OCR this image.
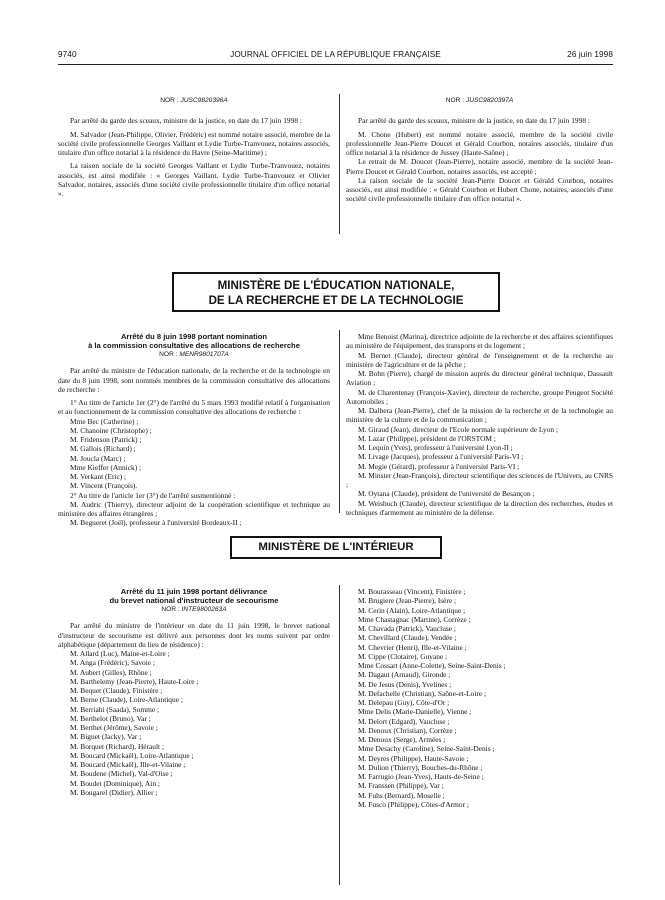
9740	JOURNAL OFFICIEL DE LA RÉPUBLIQUE FRANÇAISE	26 juin 1998

NOR : JUSC9820396A

Par arrêté du garde des sceaux, ministre de la justice, en date du 17 juin 1998 :

M. Salvador (Jean-Philippe, Olivier, Frédéric) est nommé notaire associé, membre de la société civile professionnelle Georges Vaillant et Lydie Turbe-Tranvouez, notaires associés, titulaire d'un office notarial à la résidence du Havre (Seine-Maritime) ;

La raison sociale de la société Georges Vaillant et Lydie Turbe-Tranvouez, notaires associés, est ainsi modifiée : « Georges Vaillant, Lydie Turbe-Tranvouez et Olivier Salvador, notaires, associés d'une société civile professionnelle titulaire d'un office notarial ».

NOR : JUSC9820397A

Par arrêté du garde des sceaux, ministre de la justice, en date du 17 juin 1998 :

M. Chone (Hubert) est nommé notaire associé, membre de la société civile professionnelle Jean-Pierre Doucet et Gérald Courbon, notaires associés, titulaire d'un office notarial à la résidence de Jussey (Haute-Saône) ;

Le retrait de M. Doucet (Jean-Pierre), notaire associé, membre de la société Jean-Pierre Doucet et Gérald Courbon, notaires associés, est accepté ;

La raison sociale de la société Jean-Pierre Doucet et Gérald Courbon, notaires associés, est ainsi modifiée : « Gérald Courbon et Hubert Chone, notaires, associés d'une société civile professionnelle titulaire d'un office notarial ».

MINISTÈRE DE L'ÉDUCATION NATIONALE,
DE LA RECHERCHE ET DE LA TECHNOLOGIE

Arrêté du 8 juin 1998 portant nomination
à la commission consultative des allocations de recherche

NOR : MENR9801707A

Par arrêté du ministre de l'éducation nationale, de la recherche et de la technologie en date du 8 juin 1998, sont nommés membres de la commission consultative des allocations de recherche :

1° Au titre de l'article 1er (2°) de l'arrêté du 5 mars 1993 modifié relatif à l'organisation et au fonctionnement de la commission consultative des allocations de recherche :

Mme Bec (Catherine) ;

M. Chanoine (Christophe) ;

M. Fridenson (Patrick) ;

M. Gallois (Richard) ;

M. Joucla (Marc) ;

Mme Kieffer (Annick) ;

M. Verkant (Eric) ;

M. Vincent (François).

2° Au titre de l'article 1er (3°) de l'arrêté susmentionné :

M. Audric (Thierry), directeur adjoint de la coopération scientifique et technique au ministère des affaires étrangères ;

M. Begueret (Joël), professeur à l'université Bordeaux-II ;

Mme Benoist (Marina), directrice adjointe de la recherche et des affaires scientifiques au ministère de l'équipement, des transports et du logement ;

M. Bernet (Claude), directeur général de l'enseignement et de la recherche au ministère de l'agriculture et de la pêche ;

M. Bohn (Pierre), chargé de mission auprès du directeur général technique, Dassault Aviation ;

M. de Charentenay (François-Xavier), directeur de recherche, groupe Peugeot Société Automobiles ;

M. Dalbera (Jean-Pierre), chef de la mission de la recherche et de la technologie au ministère de la culture et de la communication ;

M. Giraud (Jean), directeur de l'Ecole normale supérieure de Lyon ;

M. Lazar (Philippe), président de l'ORSTOM ;

M. Lequin (Yves), professeur à l'université Lyon-II ;

M. Livage (Jacques), professeur à l'université Paris-VI ;

M. Megie (Gérard), professeur à l'université Paris-VI ;

M. Minster (Jean-François), directeur scientifique des sciences de l'Univers, au CNRS ;

M. Oytana (Claude), président de l'université de Besançon ;

M. Weisbuch (Claude), directeur scientifique de la direction des recherches, études et techniques d'armement au ministère de la défense.

MINISTÈRE DE L'INTÉRIEUR

Arrêté du 11 juin 1998 portant délivrance
du brevet national d'instructeur de secourisme

NOR : INTE9800263A

Par arrêté du ministre de l'intérieur en date du 11 juin 1998, le brevet national d'instructeur de secourisme est délivré aux personnes dont les noms suivent par ordre alphabétique (département du lieu de résidence) :

M. Allard (Luc), Maine-et-Loire ;

M. Anga (Frédéric), Savoie ;

M. Aubert (Gilles), Rhône ;

M. Barthelemy (Jean-Pierre), Haute-Loire ;

M. Bequet (Claude), Finistère ;

M. Berne (Claude), Loire-Atlantique ;

M. Berriahi (Saada), Somme ;

M. Berthelot (Bruno), Var ;

M. Berthet (Jérôme), Savoie ;

M. Biguet (Jacky), Var ;

M. Borquet (Richard), Hérault ;

M. Boucard (Mickaël), Loire-Atlantique ;

M. Boucard (Mickaël), Ille-et-Vilaine ;

M. Boudene (Michel), Val-d'Oise ;

M. Boudet (Dominique), Ain ;

M. Bougarel (Didier), Allier ;

M. Bourasseau (Vincent), Finistère ;

M. Brugiere (Jean-Pierre), Isère ;

M. Cerin (Alain), Loire-Atlantique ;

Mme Chastagnac (Martine), Corrèze ;

M. Chavada (Patrick), Vaucluse ;

M. Chevillard (Claude), Vendée ;

M. Chevrier (Henri), Ille-et-Vilaine ;

M. Cippe (Clotaire), Guyane ;

Mme Cossart (Anne-Colette), Seine-Saint-Denis ;

M. Dagaut (Arnaud), Gironde ;

M. De Jesus (Denis), Yvelines ;

M. Defachelle (Christian), Saône-et-Loire ;

M. Delepau (Guy), Côte-d'Or ;

Mme Delis (Marie-Danielle), Vienne ;

M. Delort (Edgard), Vaucluse ;

M. Denoux (Christian), Corrèze ;

M. Denoux (Serge), Armées ;

Mme Desachy (Caroline), Seine-Saint-Denis ;

M. Deyres (Philippe), Haute-Savoie ;

M. Dulion (Thierry), Bouches-du-Rhône ;

M. Farrugio (Jean-Yves), Hauts-de-Seine ;

M. Franssen (Philippe), Var ;

M. Fuhs (Bernard), Moselle ;

M. Fusco (Philippe), Côtes-d'Armor ;
